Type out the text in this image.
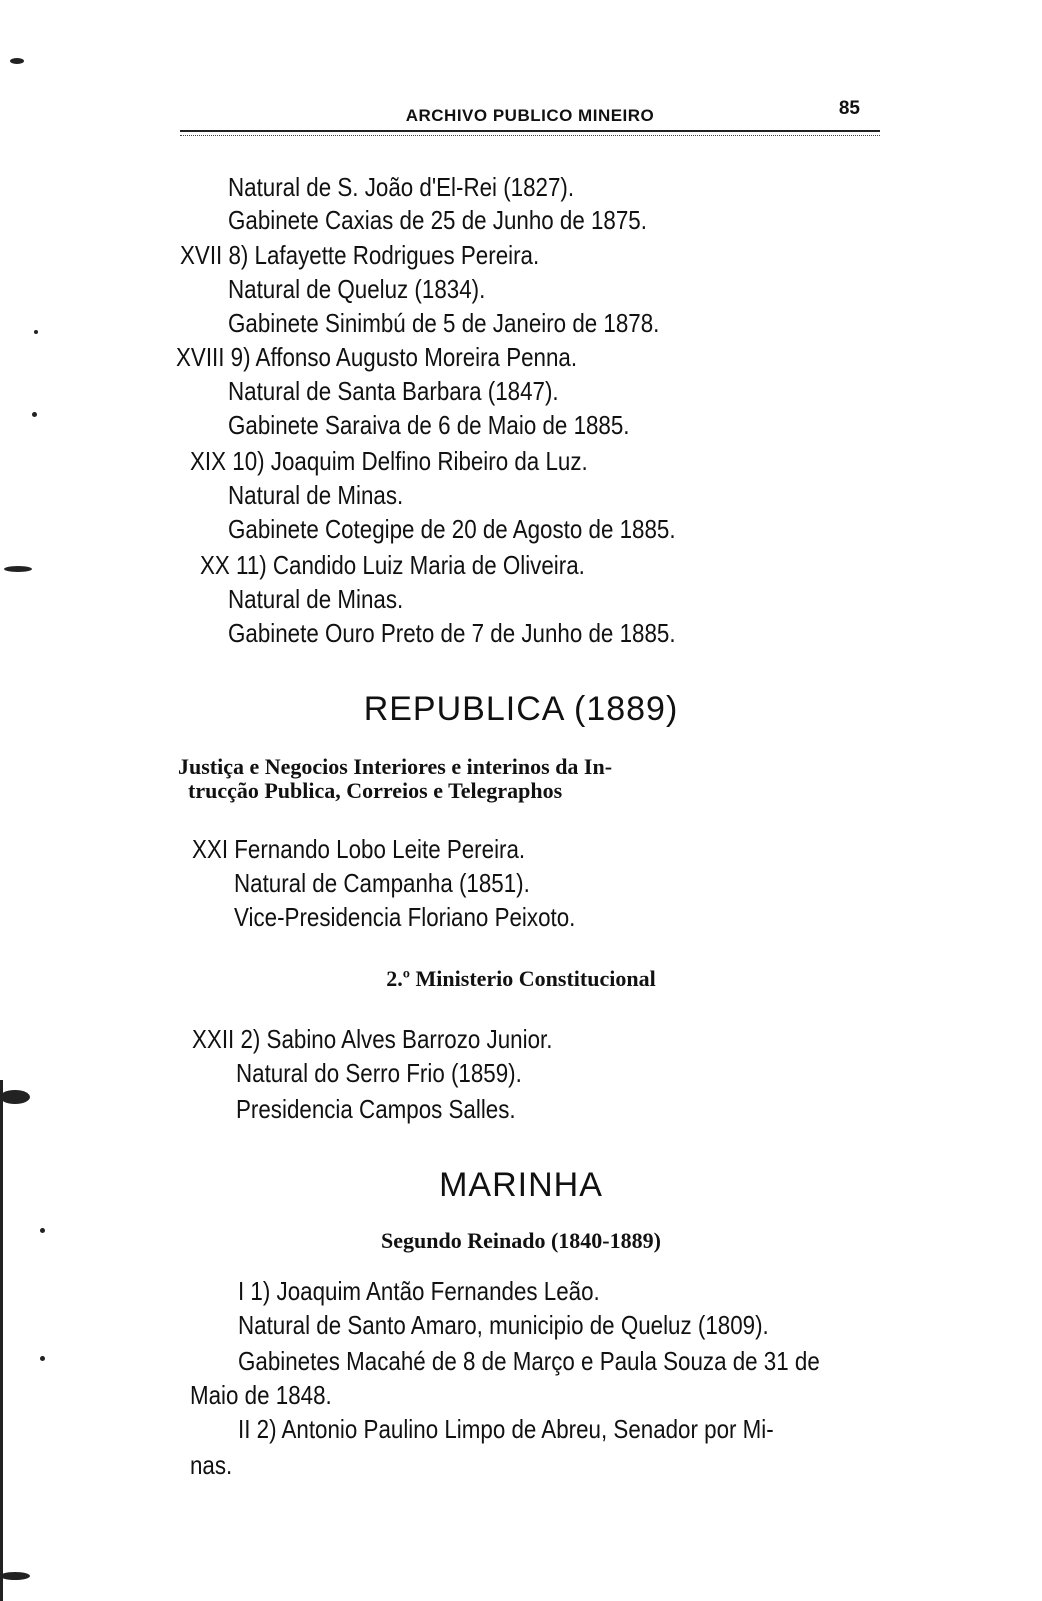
ARCHIVO PUBLICO MINEIRO	85
Natural de S. João d'El-Rei (1827).
Gabinete Caxias de 25 de Junho de 1875.
XVII 8) Lafayette Rodrigues Pereira.
Natural de Queluz (1834).
Gabinete Sinimbú de 5 de Janeiro de 1878.
XVIII 9) Affonso Augusto Moreira Penna.
Natural de Santa Barbara (1847).
Gabinete Saraiva de 6 de Maio de 1885.
XIX 10) Joaquim Delfino Ribeiro da Luz.
Natural de Minas.
Gabinete Cotegipe de 20 de Agosto de 1885.
XX 11) Candido Luiz Maria de Oliveira.
Natural de Minas.
Gabinete Ouro Preto de 7 de Junho de 1885.
REPUBLICA (1889)
Justiça e Negocios Interiores e interinos da In-
trucção Publica, Correios e Telegraphos
XXI Fernando Lobo Leite Pereira.
Natural de Campanha (1851).
Vice-Presidencia Floriano Peixoto.
2.º Ministerio Constitucional
XXII 2) Sabino Alves Barrozo Junior.
Natural do Serro Frio (1859).
Presidencia Campos Salles.
MARINHA
Segundo Reinado (1840-1889)
I 1) Joaquim Antão Fernandes Leão.
Natural de Santo Amaro, municipio de Queluz (1809).
Gabinetes Macahé de 8 de Março e Paula Souza de 31 de
Maio de 1848.
II 2) Antonio Paulino Limpo de Abreu, Senador por Mi-
nas.
